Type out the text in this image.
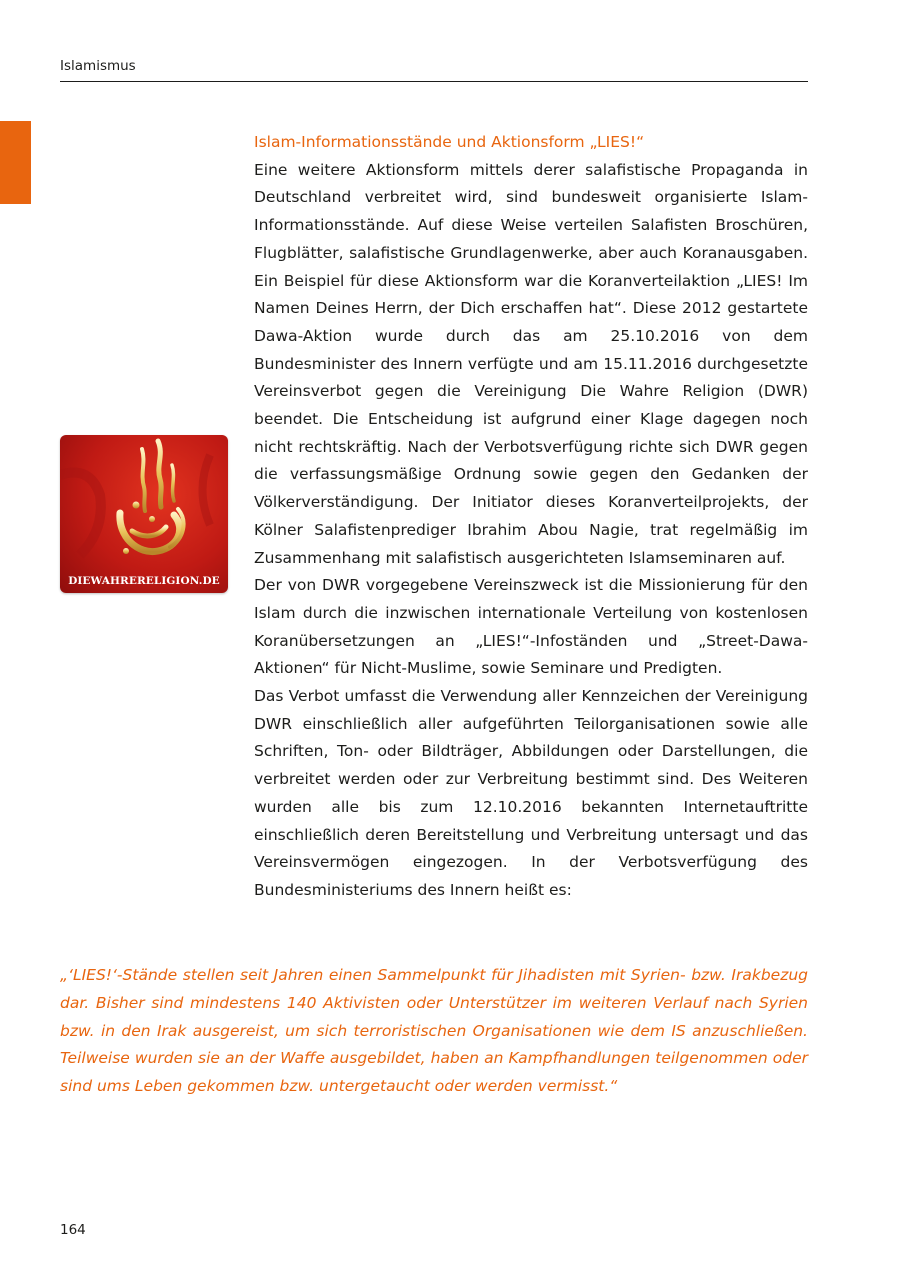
Islamismus
DIEWAHRERELIGION.DE
Islam-Informationsstände und Aktionsform „LIES!“

Eine weitere Aktionsform mittels derer salafistische Propaganda in Deutschland verbreitet wird, sind bundesweit organisierte Islam-Informationsstände. Auf diese Weise verteilen Salafisten Broschüren, Flugblätter, salafistische Grundlagenwerke, aber auch Koranausgaben. Ein Beispiel für diese Aktionsform war die Koranverteilaktion „LIES! Im Namen Deines Herrn, der Dich erschaffen hat“. Diese 2012 gestartete Dawa-Aktion wurde durch das am 25.10.2016 von dem Bundesminister des Innern verfügte und am 15.11.2016 durchgesetzte Vereinsverbot gegen die Vereinigung Die Wahre Religion (DWR) beendet. Die Entscheidung ist aufgrund einer Klage dagegen noch nicht rechtskräftig. Nach der Verbotsverfügung richte sich DWR gegen die verfassungsmäßige Ordnung sowie gegen den Gedanken der Völkerverständigung. Der Initiator dieses Koranverteilprojekts, der Kölner Salafistenprediger Ibrahim Abou Nagie, trat regelmäßig im Zusammenhang mit salafistisch ausgerichteten Islamseminaren auf.

Der von DWR vorgegebene Vereinszweck ist die Missionierung für den Islam durch die inzwischen internationale Verteilung von kostenlosen Koranübersetzungen an „LIES!“-Infoständen und „Street-Dawa-Aktionen“ für Nicht-Muslime, sowie Seminare und Predigten.

Das Verbot umfasst die Verwendung aller Kennzeichen der Vereinigung DWR einschließlich aller aufgeführten Teilorganisationen sowie alle Schriften, Ton- oder Bildträger, Abbildungen oder Darstellungen, die verbreitet werden oder zur Verbreitung bestimmt sind. Des Weiteren wurden alle bis zum 12.10.2016 bekannten Internetauftritte einschließlich deren Bereitstellung und Verbreitung untersagt und das Vereinsvermögen eingezogen. In der Verbotsverfügung des Bundesministeriums des Innern heißt es:

„‘LIES!‘-Stände stellen seit Jahren einen Sammelpunkt für Jihadisten mit Syrien- bzw. Irakbezug dar. Bisher sind mindestens 140 Aktivisten oder Unterstützer im weiteren Verlauf nach Syrien bzw. in den Irak ausgereist, um sich terroristischen Organisationen wie dem IS anzuschließen. Teilweise wurden sie an der Waffe ausgebildet, haben an Kampfhandlungen teilgenommen oder sind ums Leben gekommen bzw. untergetaucht oder werden vermisst.“

164
